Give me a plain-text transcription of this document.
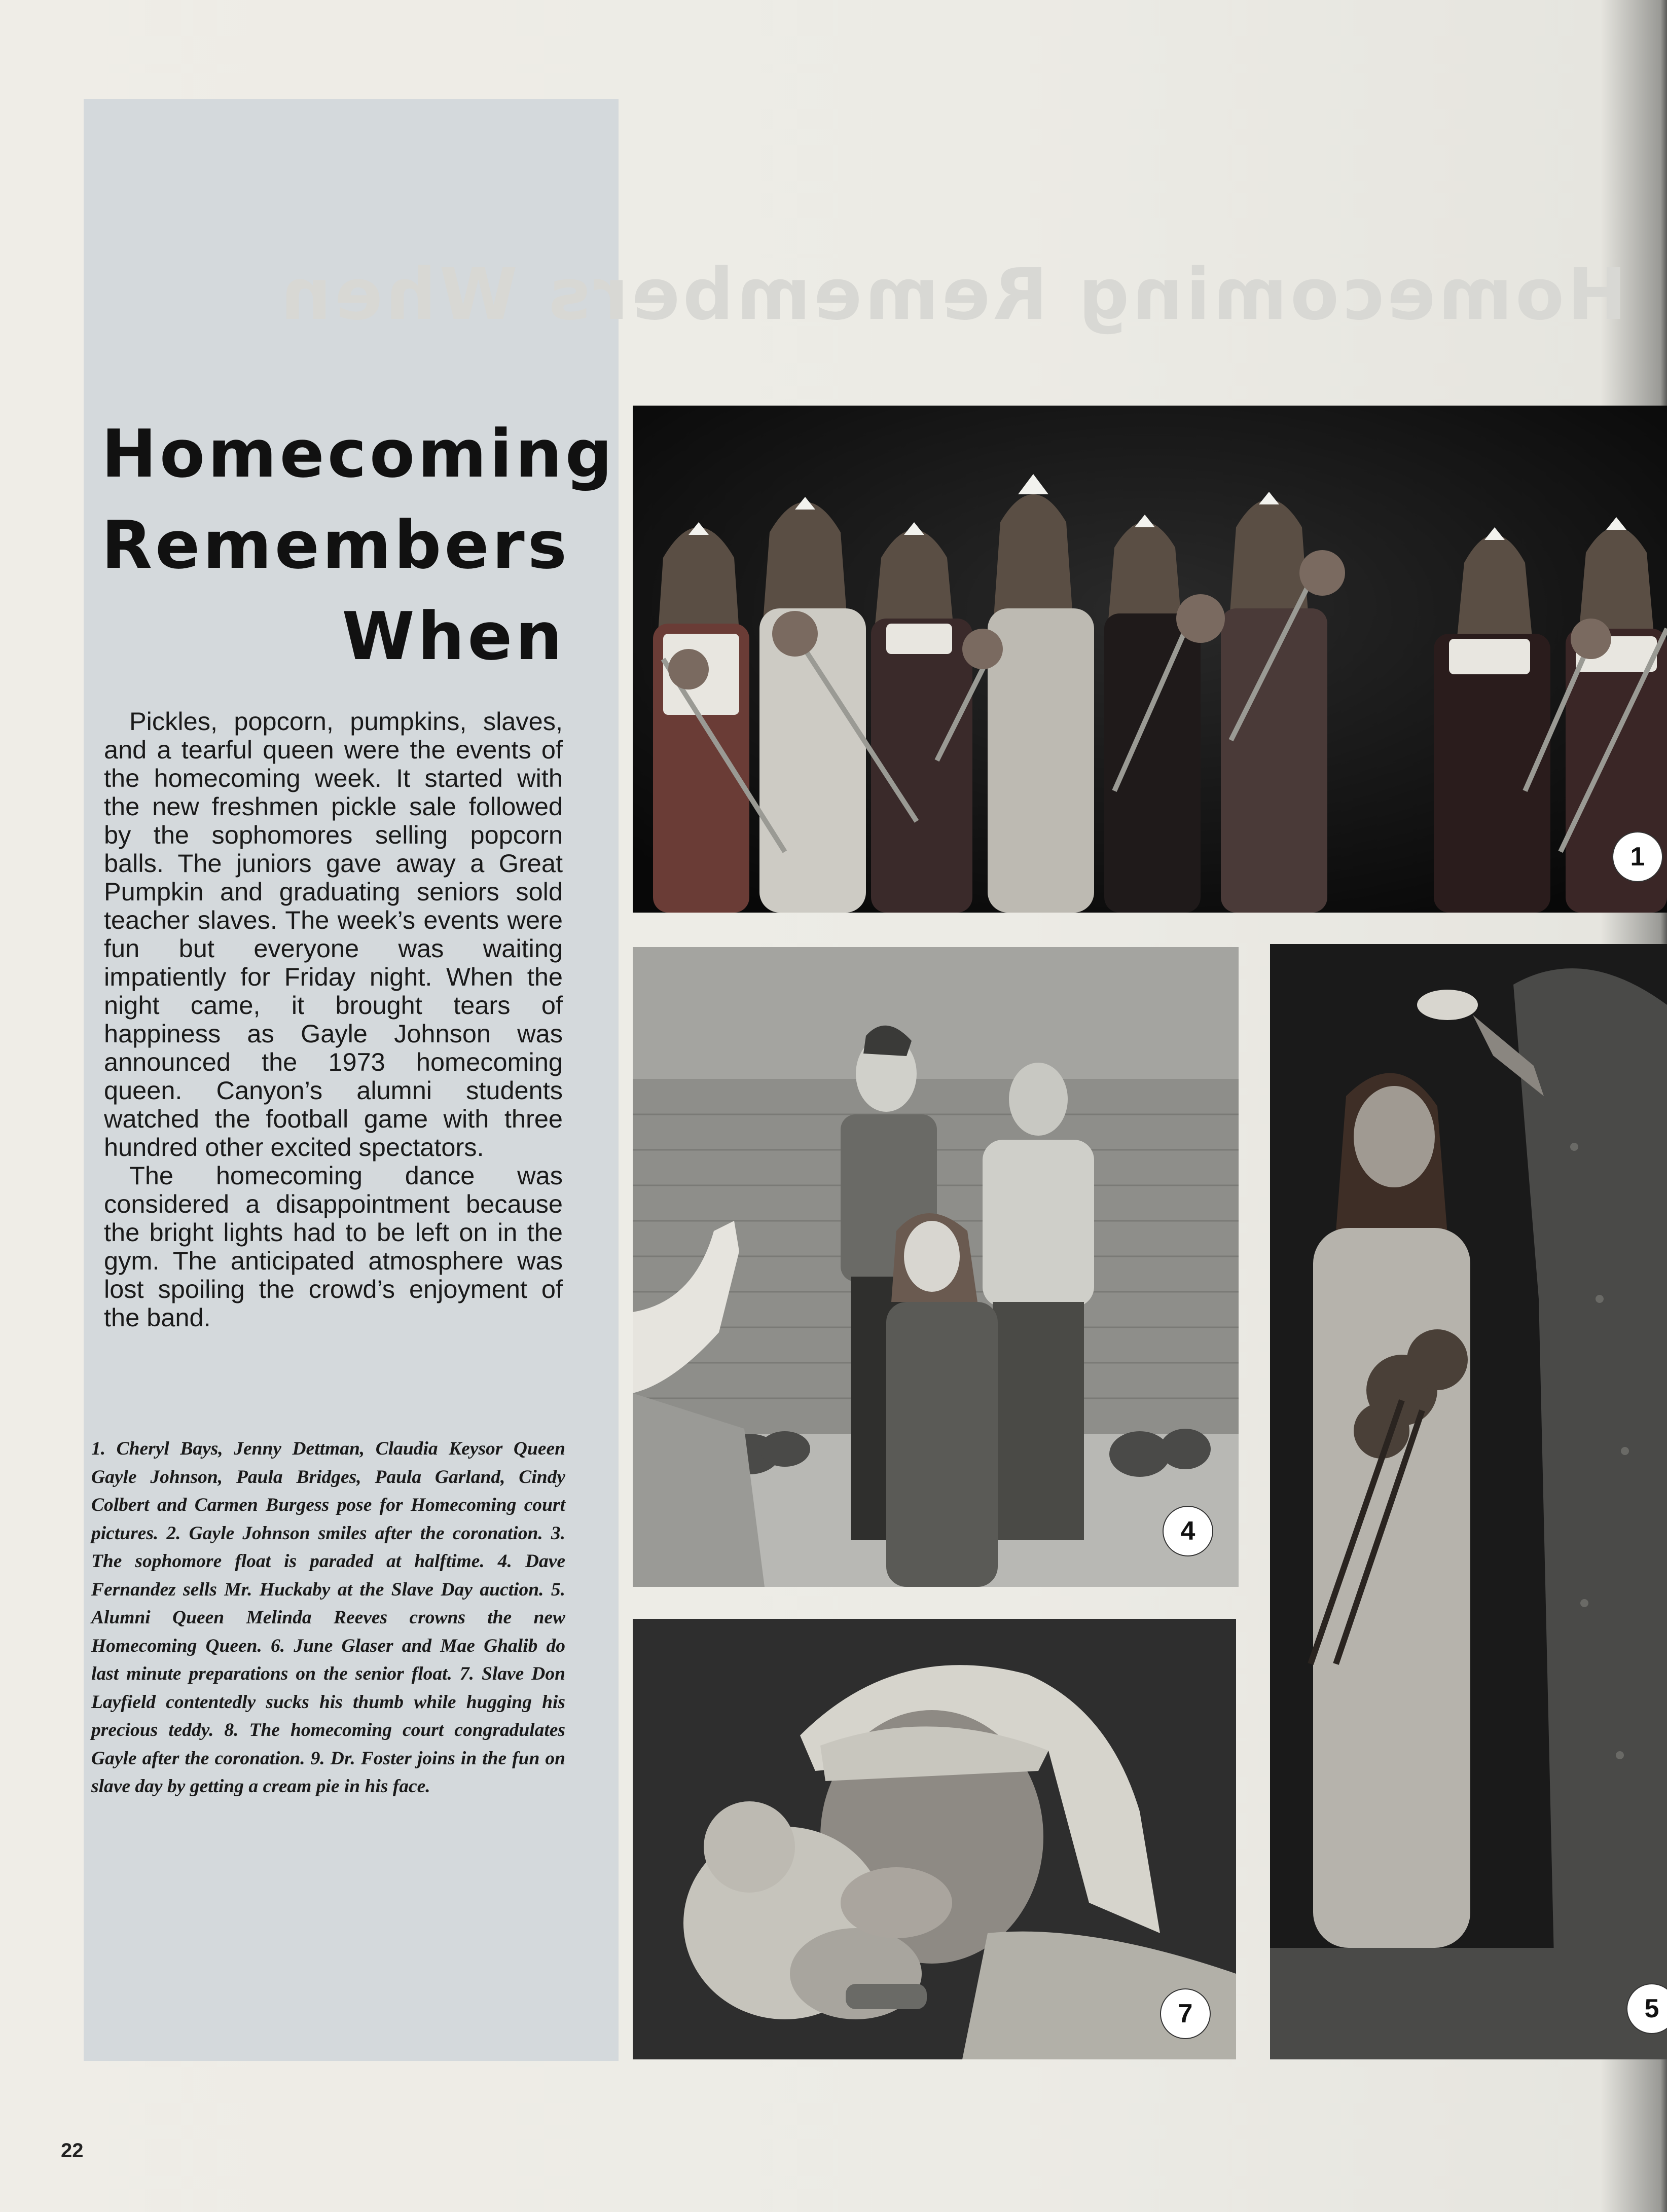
Homecoming Remembers When
Homecoming
Remembers
When

Pickles, popcorn, pumpkins, slaves, and a tearful queen were the events of the homecoming week. It started with the new freshmen pickle sale followed by the sophomores selling popcorn balls. The juniors gave away a Great Pumpkin and graduating seniors sold teacher slaves. The week’s events were fun but everyone was waiting impatiently for Friday night. When the night came, it brought tears of happiness as Gayle Johnson was announced the 1973 homecoming queen. Canyon’s alumni students watched the football game with three hundred other excited spectators.

The homecoming dance was considered a disappointment because the bright lights had to be left on in the gym. The anticipated atmosphere was lost spoiling the crowd’s enjoyment of the band.

1. Cheryl Bays, Jenny Dettman, Claudia Keysor Queen Gayle Johnson, Paula Bridges, Paula Garland, Cindy Colbert and Carmen Burgess pose for Homecoming court pictures. 2. Gayle Johnson smiles after the coronation. 3. The sophomore float is paraded at halftime. 4. Dave Fernandez sells Mr. Huckaby at the Slave Day auction. 5. Alumni Queen Melinda Reeves crowns the new Homecoming Queen. 6. June Glaser and Mae Ghalib do last minute preparations on the senior float. 7. Slave Don Layfield contentedly sucks his thumb while hugging his precious teddy. 8. The homecoming court congradulates Gayle after the coronation. 9. Dr. Foster joins in the fun on slave day by getting a cream pie in his face.
22
1
4
5
7
